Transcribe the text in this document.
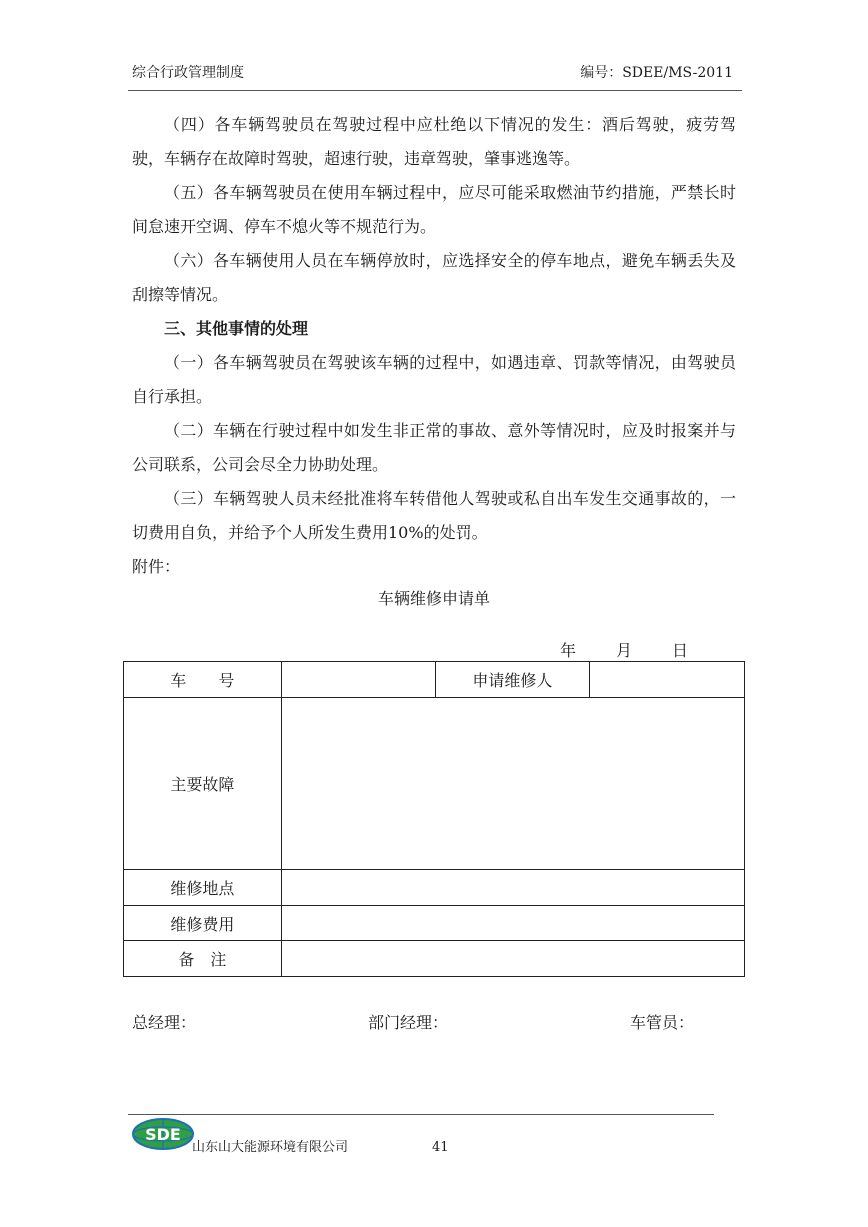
综合行政管理制度	编号：SDEE/MS-2011

（四）各车辆驾驶员在驾驶过程中应杜绝以下情况的发生：酒后驾驶，疲劳驾驶，车辆存在故障时驾驶，超速行驶，违章驾驶，肇事逃逸等。

（五）各车辆驾驶员在使用车辆过程中，应尽可能采取燃油节约措施，严禁长时间怠速开空调、停车不熄火等不规范行为。

（六）各车辆使用人员在车辆停放时，应选择安全的停车地点，避免车辆丢失及刮擦等情况。

三、其他事情的处理

（一）各车辆驾驶员在驾驶该车辆的过程中，如遇违章、罚款等情况，由驾驶员自行承担。

（二）车辆在行驶过程中如发生非正常的事故、意外等情况时，应及时报案并与公司联系，公司会尽全力协助处理。

（三）车辆驾驶人员未经批准将车转借他人驾驶或私自出车发生交通事故的，一切费用自负，并给予个人所发生费用10%的处罚。

附件：

车辆维修申请单
年	月	日
车　　号		申请维修人	
主要故障			
维修地点			
维修费用			
备　注			
总经理：	部门经理：	车管员：
SDE
山东山大能源环境有限公司	41
